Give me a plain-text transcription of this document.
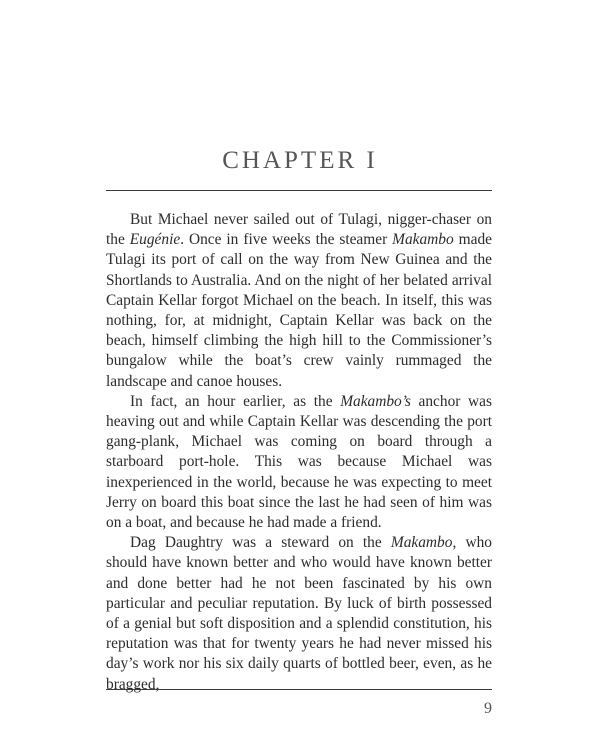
CHAPTER I

But Michael never sailed out of Tulagi, nigger-chaser on the Eugénie. Once in five weeks the steamer Makambo made Tulagi its port of call on the way from New Guinea and the Shortlands to Australia. And on the night of her belated arrival Captain Kellar forgot Michael on the beach. In itself, this was nothing, for, at midnight, Captain Kellar was back on the beach, himself climbing the high hill to the Commissioner’s bungalow while the boat’s crew vainly rummaged the landscape and canoe houses.

In fact, an hour earlier, as the Makambo’s anchor was heaving out and while Captain Kellar was descending the port gang-plank, Michael was coming on board through a starboard port-hole. This was because Michael was inexperienced in the world, because he was expecting to meet Jerry on board this boat since the last he had seen of him was on a boat, and because he had made a friend.

Dag Daughtry was a steward on the Makambo, who should have known better and who would have known better and done better had he not been fascinated by his own particular and peculiar reputation. By luck of birth possessed of a genial but soft disposition and a splendid constitution, his reputation was that for twenty years he had never missed his day’s work nor his six daily quarts of bottled beer, even, as he bragged,

9
